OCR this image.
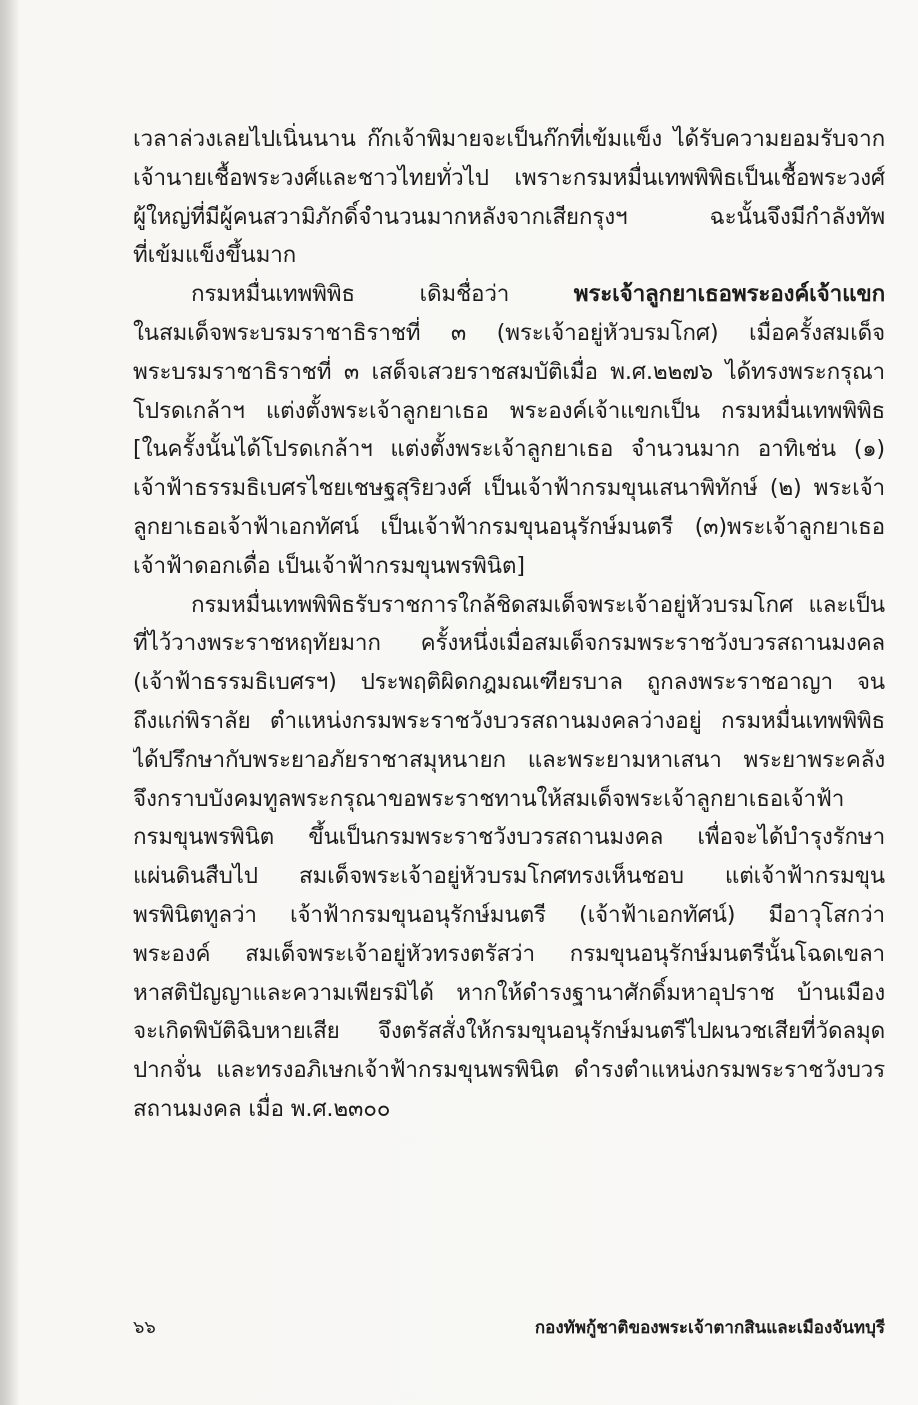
เวลาล่วงเลยไปเนิ่นนาน ก๊กเจ้าพิมายจะเป็นก๊กที่เข้มแข็ง ได้รับความยอมรับจาก
เจ้านายเชื้อพระวงศ์และชาวไทยทั่วไป เพราะกรมหมื่นเทพพิพิธเป็นเชื้อพระวงศ์
ผู้ใหญ่ที่มีผู้คนสวามิภักดิ์จำนวนมากหลังจากเสียกรุงฯ ฉะนั้นจึงมีกำลังทัพ
ที่เข้มแข็งขึ้นมาก
กรมหมื่นเทพพิพิธ เดิมชื่อว่า พระเจ้าลูกยาเธอพระองค์เจ้าแขก
ในสมเด็จพระบรมราชาธิราชที่ ๓ (พระเจ้าอยู่หัวบรมโกศ) เมื่อครั้งสมเด็จ
พระบรมราชาธิราชที่ ๓ เสด็จเสวยราชสมบัติเมื่อ พ.ศ.๒๒๗๖ ได้ทรงพระกรุณา
โปรดเกล้าฯ แต่งตั้งพระเจ้าลูกยาเธอ พระองค์เจ้าแขกเป็น กรมหมื่นเทพพิพิธ
[ในครั้งนั้นได้โปรดเกล้าฯ แต่งตั้งพระเจ้าลูกยาเธอ จำนวนมาก อาทิเช่น (๑)
เจ้าฟ้าธรรมธิเบศรไชยเชษฐสุริยวงศ์ เป็นเจ้าฟ้ากรมขุนเสนาพิทักษ์ (๒) พระเจ้า
ลูกยาเธอเจ้าฟ้าเอกทัศน์ เป็นเจ้าฟ้ากรมขุนอนุรักษ์มนตรี (๓)พระเจ้าลูกยาเธอ
เจ้าฟ้าดอกเดื่อ เป็นเจ้าฟ้ากรมขุนพรพินิต]
กรมหมื่นเทพพิพิธรับราชการใกล้ชิดสมเด็จพระเจ้าอยู่หัวบรมโกศ และเป็น
ที่ไว้วางพระราชหฤทัยมาก ครั้งหนึ่งเมื่อสมเด็จกรมพระราชวังบวรสถานมงคล
(เจ้าฟ้าธรรมธิเบศรฯ) ประพฤติผิดกฎมณเฑียรบาล ถูกลงพระราชอาญา จน
ถึงแก่พิราลัย ตำแหน่งกรมพระราชวังบวรสถานมงคลว่างอยู่ กรมหมื่นเทพพิพิธ
ได้ปรึกษากับพระยาอภัยราชาสมุหนายก และพระยามหาเสนา พระยาพระคลัง
จึงกราบบังคมทูลพระกรุณาขอพระราชทานให้สมเด็จพระเจ้าลูกยาเธอเจ้าฟ้า
กรมขุนพรพินิต ขึ้นเป็นกรมพระราชวังบวรสถานมงคล เพื่อจะได้บำรุงรักษา
แผ่นดินสืบไป สมเด็จพระเจ้าอยู่หัวบรมโกศทรงเห็นชอบ แต่เจ้าฟ้ากรมขุน
พรพินิตทูลว่า เจ้าฟ้ากรมขุนอนุรักษ์มนตรี (เจ้าฟ้าเอกทัศน์) มีอาวุโสกว่า
พระองค์ สมเด็จพระเจ้าอยู่หัวทรงตรัสว่า กรมขุนอนุรักษ์มนตรีนั้นโฉดเขลา
หาสติปัญญาและความเพียรมิได้ หากให้ดำรงฐานาศักดิ์มหาอุปราช บ้านเมือง
จะเกิดพิบัติฉิบหายเสีย จึงตรัสสั่งให้กรมขุนอนุรักษ์มนตรีไปผนวชเสียที่วัดลมุด
ปากจั่น และทรงอภิเษกเจ้าฟ้ากรมขุนพรพินิต ดำรงตำแหน่งกรมพระราชวังบวร
สถานมงคล เมื่อ พ.ศ.๒๓๐๐
๖๖	กองทัพกู้ชาติของพระเจ้าตากสินและเมืองจันทบุรี
